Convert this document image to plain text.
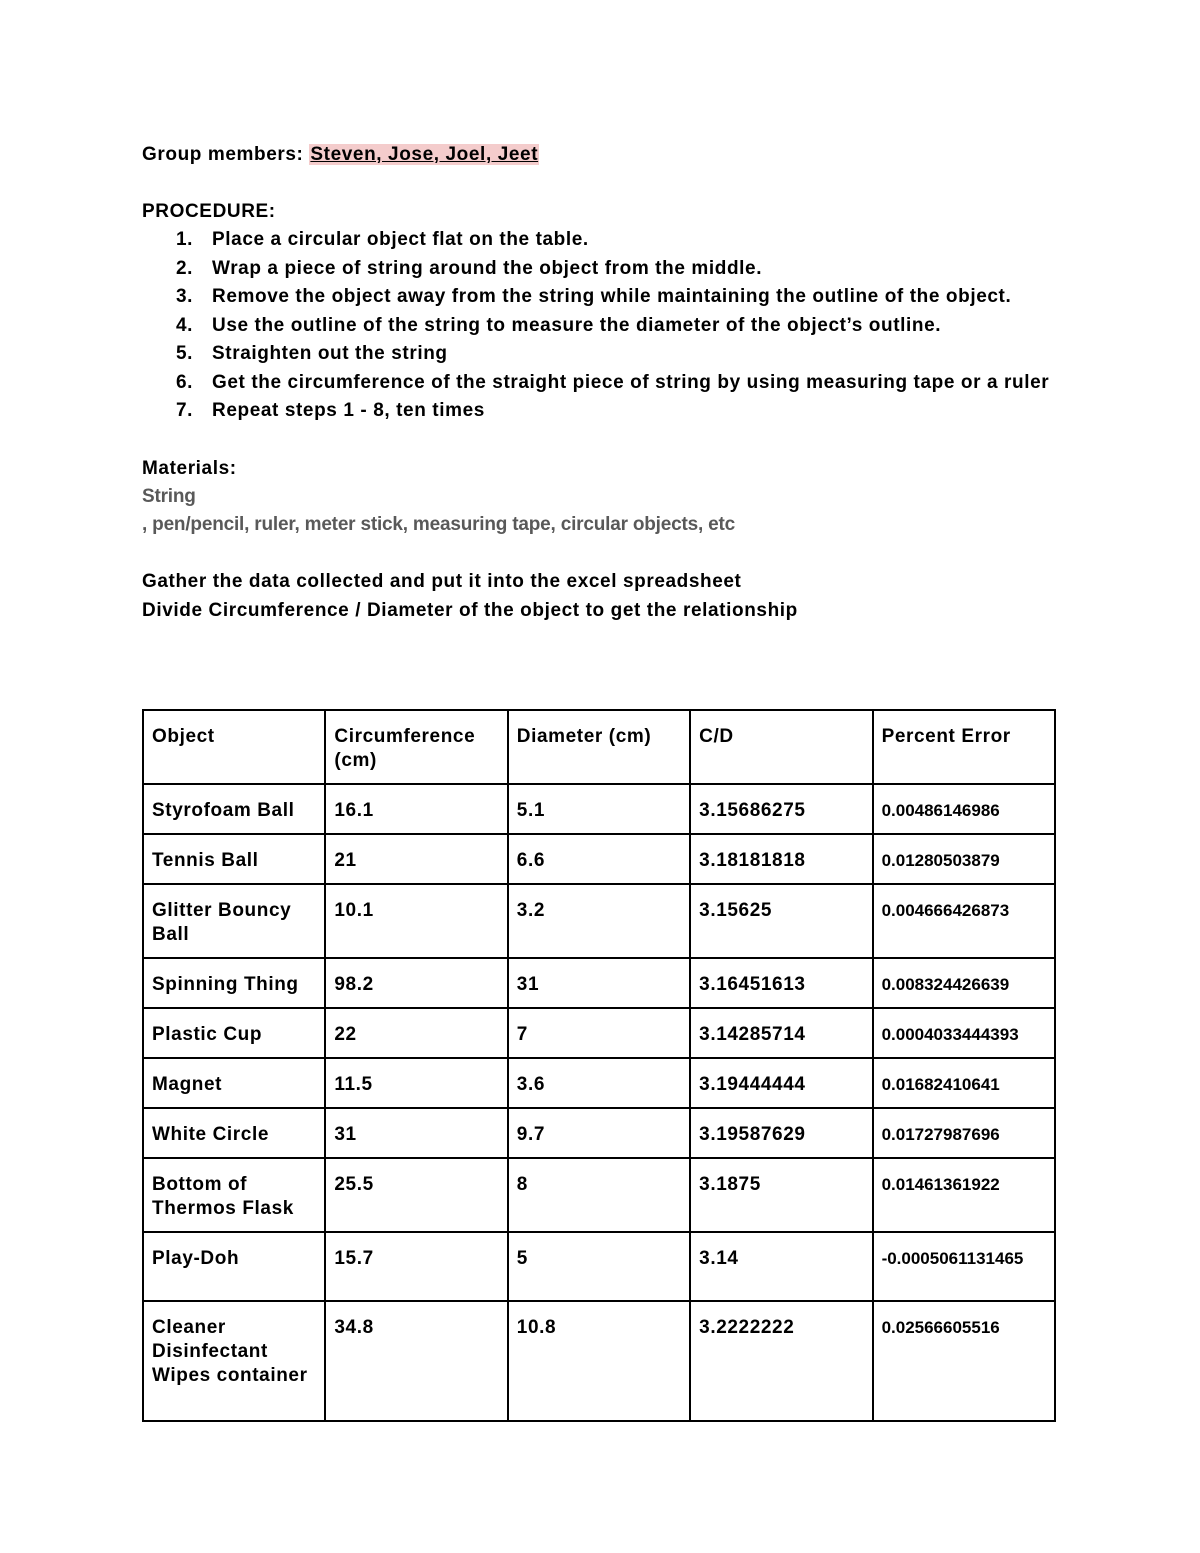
Group members: Steven, Jose, Joel, Jeet
PROCEDURE:
1. Place a circular object flat on the table.
2. Wrap a piece of string around the object from the middle.
3. Remove the object away from the string while maintaining the outline of the object.
4. Use the outline of the string to measure the diameter of the object’s outline.
5. Straighten out the string
6. Get the circumference of the straight piece of string by using measuring tape or a ruler
7. Repeat steps 1 - 8, ten times
Materials:
String
, pen/pencil, ruler, meter stick, measuring tape, circular objects, etc
Gather the data collected and put it into the excel spreadsheet
Divide Circumference / Diameter of the object to get the relationship
Object	Circumference (cm)	Diameter (cm)	C/D	Percent Error
Styrofoam Ball	16.1	5.1	3.15686275	0.00486146986
Tennis Ball	21	6.6	3.18181818	0.01280503879
Glitter Bouncy Ball	10.1	3.2	3.15625	0.004666426873
Spinning Thing	98.2	31	3.16451613	0.008324426639
Plastic Cup	22	7	3.14285714	0.0004033444393
Magnet	11.5	3.6	3.19444444	0.01682410641
White Circle	31	9.7	3.19587629	0.01727987696
Bottom of Thermos Flask	25.5	8	3.1875	0.01461361922
Play-Doh	15.7	5	3.14	-0.0005061131465
Cleaner Disinfectant Wipes container	34.8	10.8	3.2222222	0.02566605516
